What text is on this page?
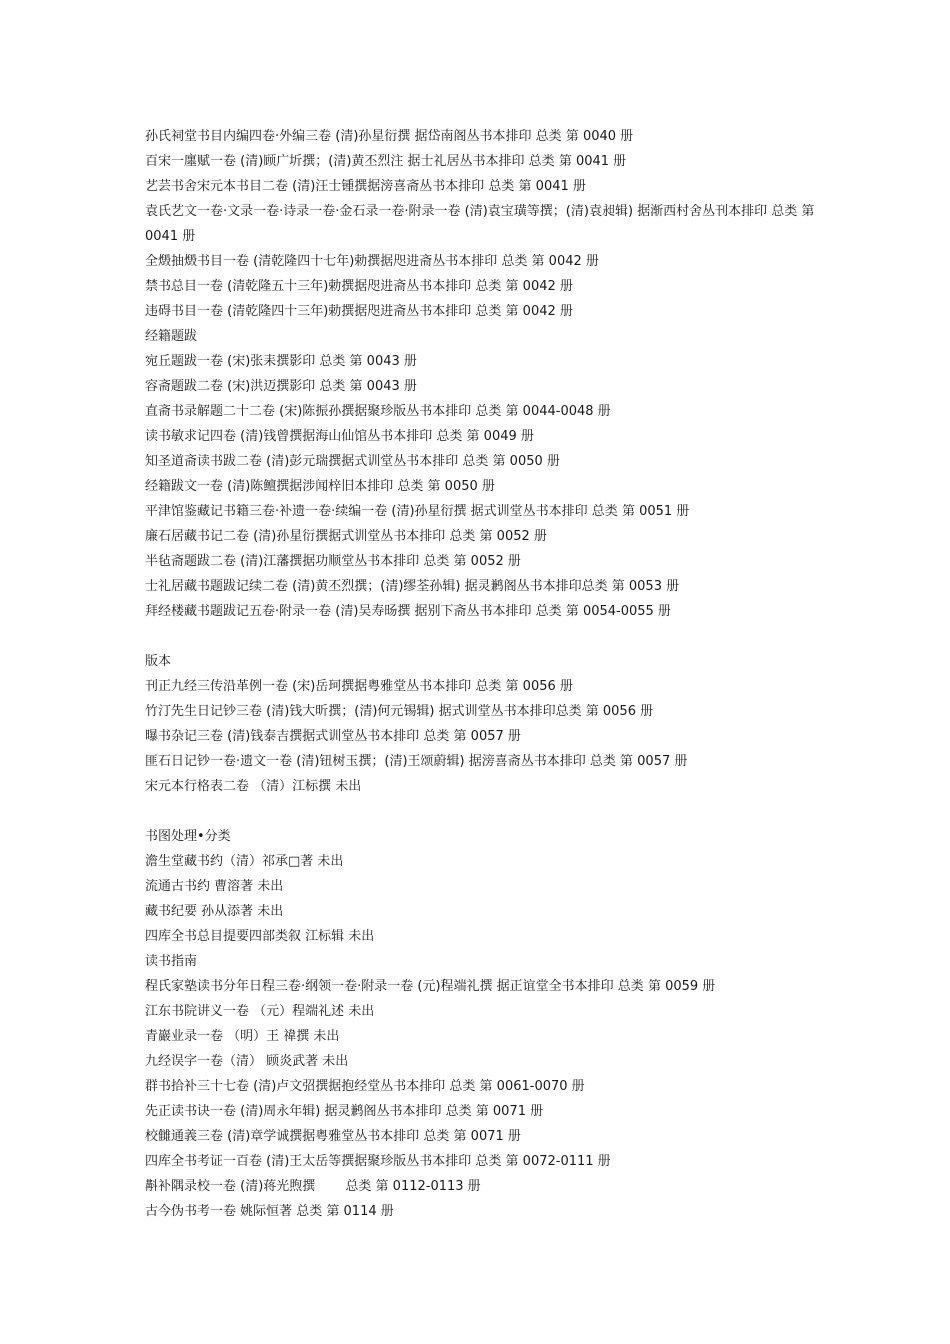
孙氏祠堂书目内编四卷·外编三卷 (清)孙星衍撰 据岱南阁丛书本排印 总类 第 0040 册
百宋一廛赋一卷 (清)顾广圻撰；(清)黄丕烈注 据士礼居丛书本排印 总类 第 0041 册
艺芸书舍宋元本书目二卷 (清)汪士锺撰据滂喜斋丛书本排印 总类 第 0041 册
袁氏艺文一卷·文录一卷·诗录一卷·金石录一卷·附录一卷 (清)袁宝璜等撰；(清)袁昶辑) 据渐西村舍丛刊本排印 总类 第 0041 册
全燬抽燬书目一卷 (清乾隆四十七年)勅撰据咫进斋丛书本排印 总类 第 0042 册
禁书总目一卷 (清乾隆五十三年)勅撰据咫进斋丛书本排印 总类 第 0042 册
违碍书目一卷 (清乾隆四十三年)勅撰据咫进斋丛书本排印 总类 第 0042 册
经籍题跋
宛丘题跋一卷 (宋)张耒撰影印 总类 第 0043 册
容斋题跋二卷 (宋)洪迈撰影印 总类 第 0043 册
直斋书录解题二十二卷 (宋)陈振孙撰据聚珍版丛书本排印 总类 第 0044-0048 册
读书敏求记四卷 (清)钱曾撰据海山仙馆丛书本排印 总类 第 0049 册
知圣道斋读书跋二卷 (清)彭元瑞撰据式训堂丛书本排印 总类 第 0050 册
经籍跋文一卷 (清)陈鳣撰据涉闻梓旧本排印 总类 第 0050 册
平津馆鉴藏记书籍三卷·补遗一卷·续编一卷 (清)孙星衍撰 据式训堂丛书本排印 总类 第 0051 册
廉石居藏书记二卷 (清)孙星衍撰据式训堂丛书本排印 总类 第 0052 册
半毡斋题跋二卷 (清)江藩撰据功顺堂丛书本排印 总类 第 0052 册
士礼居藏书题跋记续二卷 (清)黄丕烈撰；(清)缪荃孙辑) 据灵鹣阁丛书本排印总类 第 0053 册
拜经楼藏书题跋记五卷·附录一卷 (清)吴寿旸撰 据别下斋丛书本排印 总类 第 0054-0055 册
版本
刊正九经三传沿革例一卷 (宋)岳珂撰据粤雅堂丛书本排印 总类 第 0056 册
竹汀先生日记钞三卷 (清)钱大昕撰；(清)何元锡辑) 据式训堂丛书本排印总类 第 0056 册
曝书杂记三卷 (清)钱泰吉撰据式训堂丛书本排印 总类 第 0057 册
匪石日记钞一卷·遗文一卷 (清)钮树玉撰；(清)王颂蔚辑) 据滂喜斋丛书本排印 总类 第 0057 册
宋元本行格表二卷 （清）江标撰 未出
书图处理•分类
澹生堂藏书约（清）祁承□著 未出
流通古书约 曹溶著 未出
藏书纪要 孙从添著 未出
四库全书总目提要四部类叙 江标辑 未出
读书指南
程氏家塾读书分年日程三卷·纲领一卷·附录一卷 (元)程端礼撰 据正谊堂全书本排印 总类 第 0059 册
江东书院讲义一卷 （元）程端礼述 未出
青巖业录一卷 （明）王 禕撰 未出
九经误字一卷（清） 顾炎武著 未出
群书拾补三十七卷 (清)卢文弨撰据抱经堂丛书本排印 总类 第 0061-0070 册
先正读书诀一卷 (清)周永年辑) 据灵鹣阁丛书本排印 总类 第 0071 册
校雠通義三卷 (清)章学诚撰据粤雅堂丛书本排印 总类 第 0071 册
四库全书考证一百卷 (清)王太岳等撰据聚珍版丛书本排印 总类 第 0072-0111 册
斠补隅录校一卷 (清)蒋光煦撰　　 总类 第 0112-0113 册
古今伪书考一卷 姚际恒著 总类 第 0114 册
